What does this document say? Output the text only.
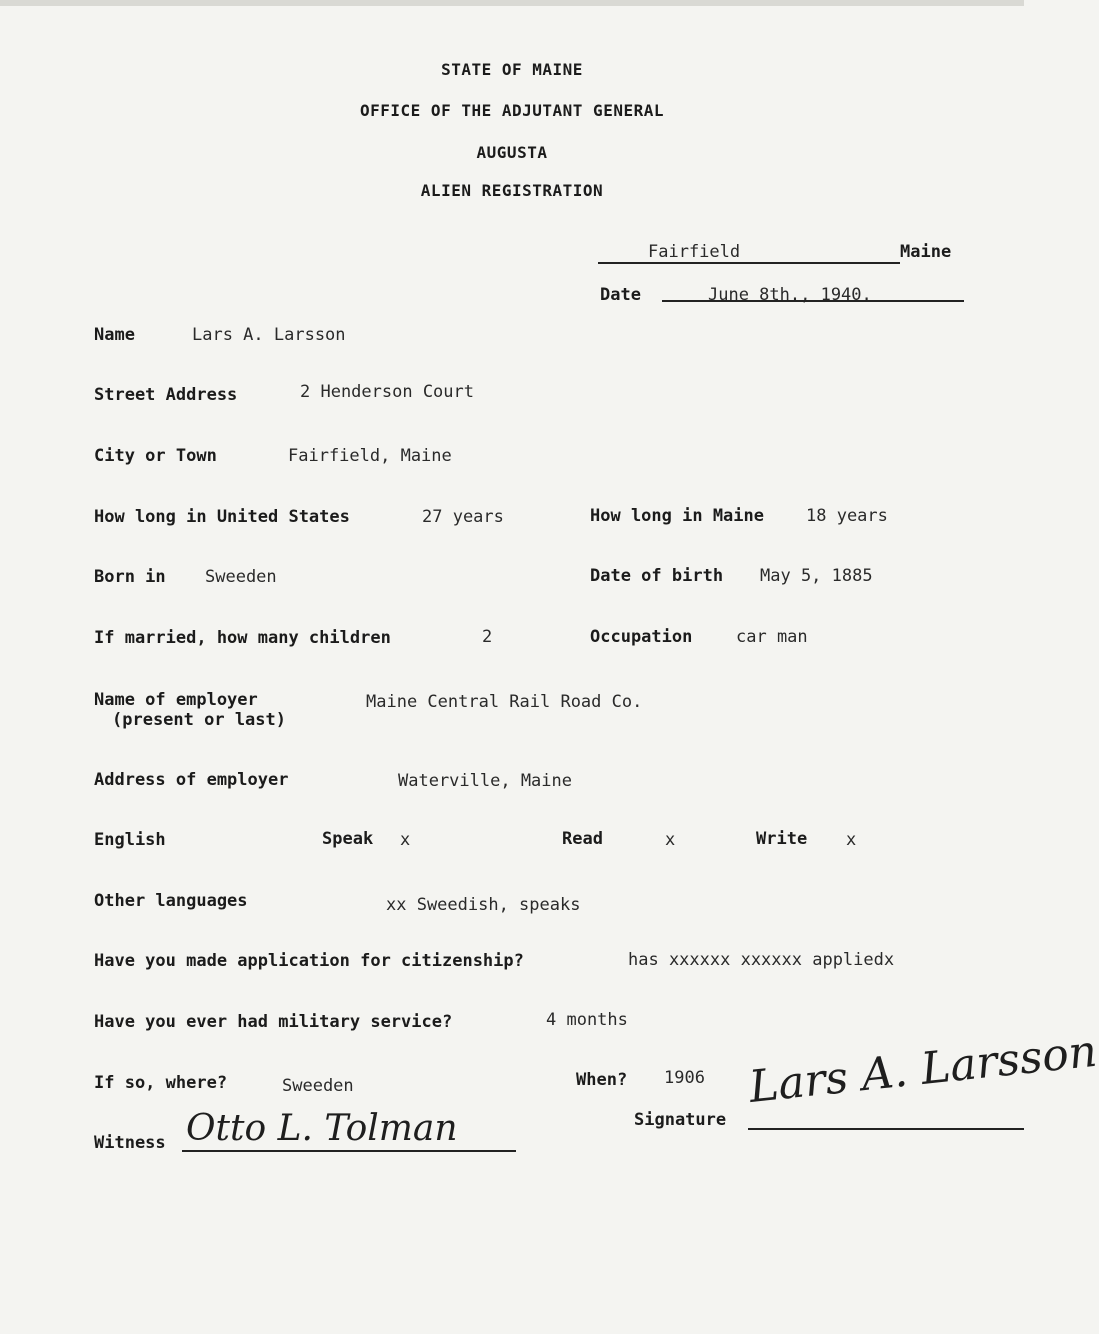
STATE OF MAINE
OFFICE OF THE ADJUTANT GENERAL
AUGUSTA
ALIEN REGISTRATION
Fairfield	Maine
Date	June 8th., 1940.
Name	Lars A. Larsson
Street Address	2 Henderson Court
City or Town	Fairfield, Maine
How long in United States	27 years	How long in Maine 18 years
Born in Sweeden	Date of birth May 5, 1885
If married, how many children	2	Occupation	car man
Name of employer
(present or last)
Maine Central Rail Road Co.
Address of employer	Waterville, Maine
English	Speak x	Read	x	Write x
Other languages	xx Sweedish, speaks
Have you made application for citizenship?	has xxxxxx xxxxxx appliedx
Have you ever had military service?	4 months
If so, where?	Sweeden	When? 1906
Signature
Lars A. Larsson
Witness Otto L. Tolman
